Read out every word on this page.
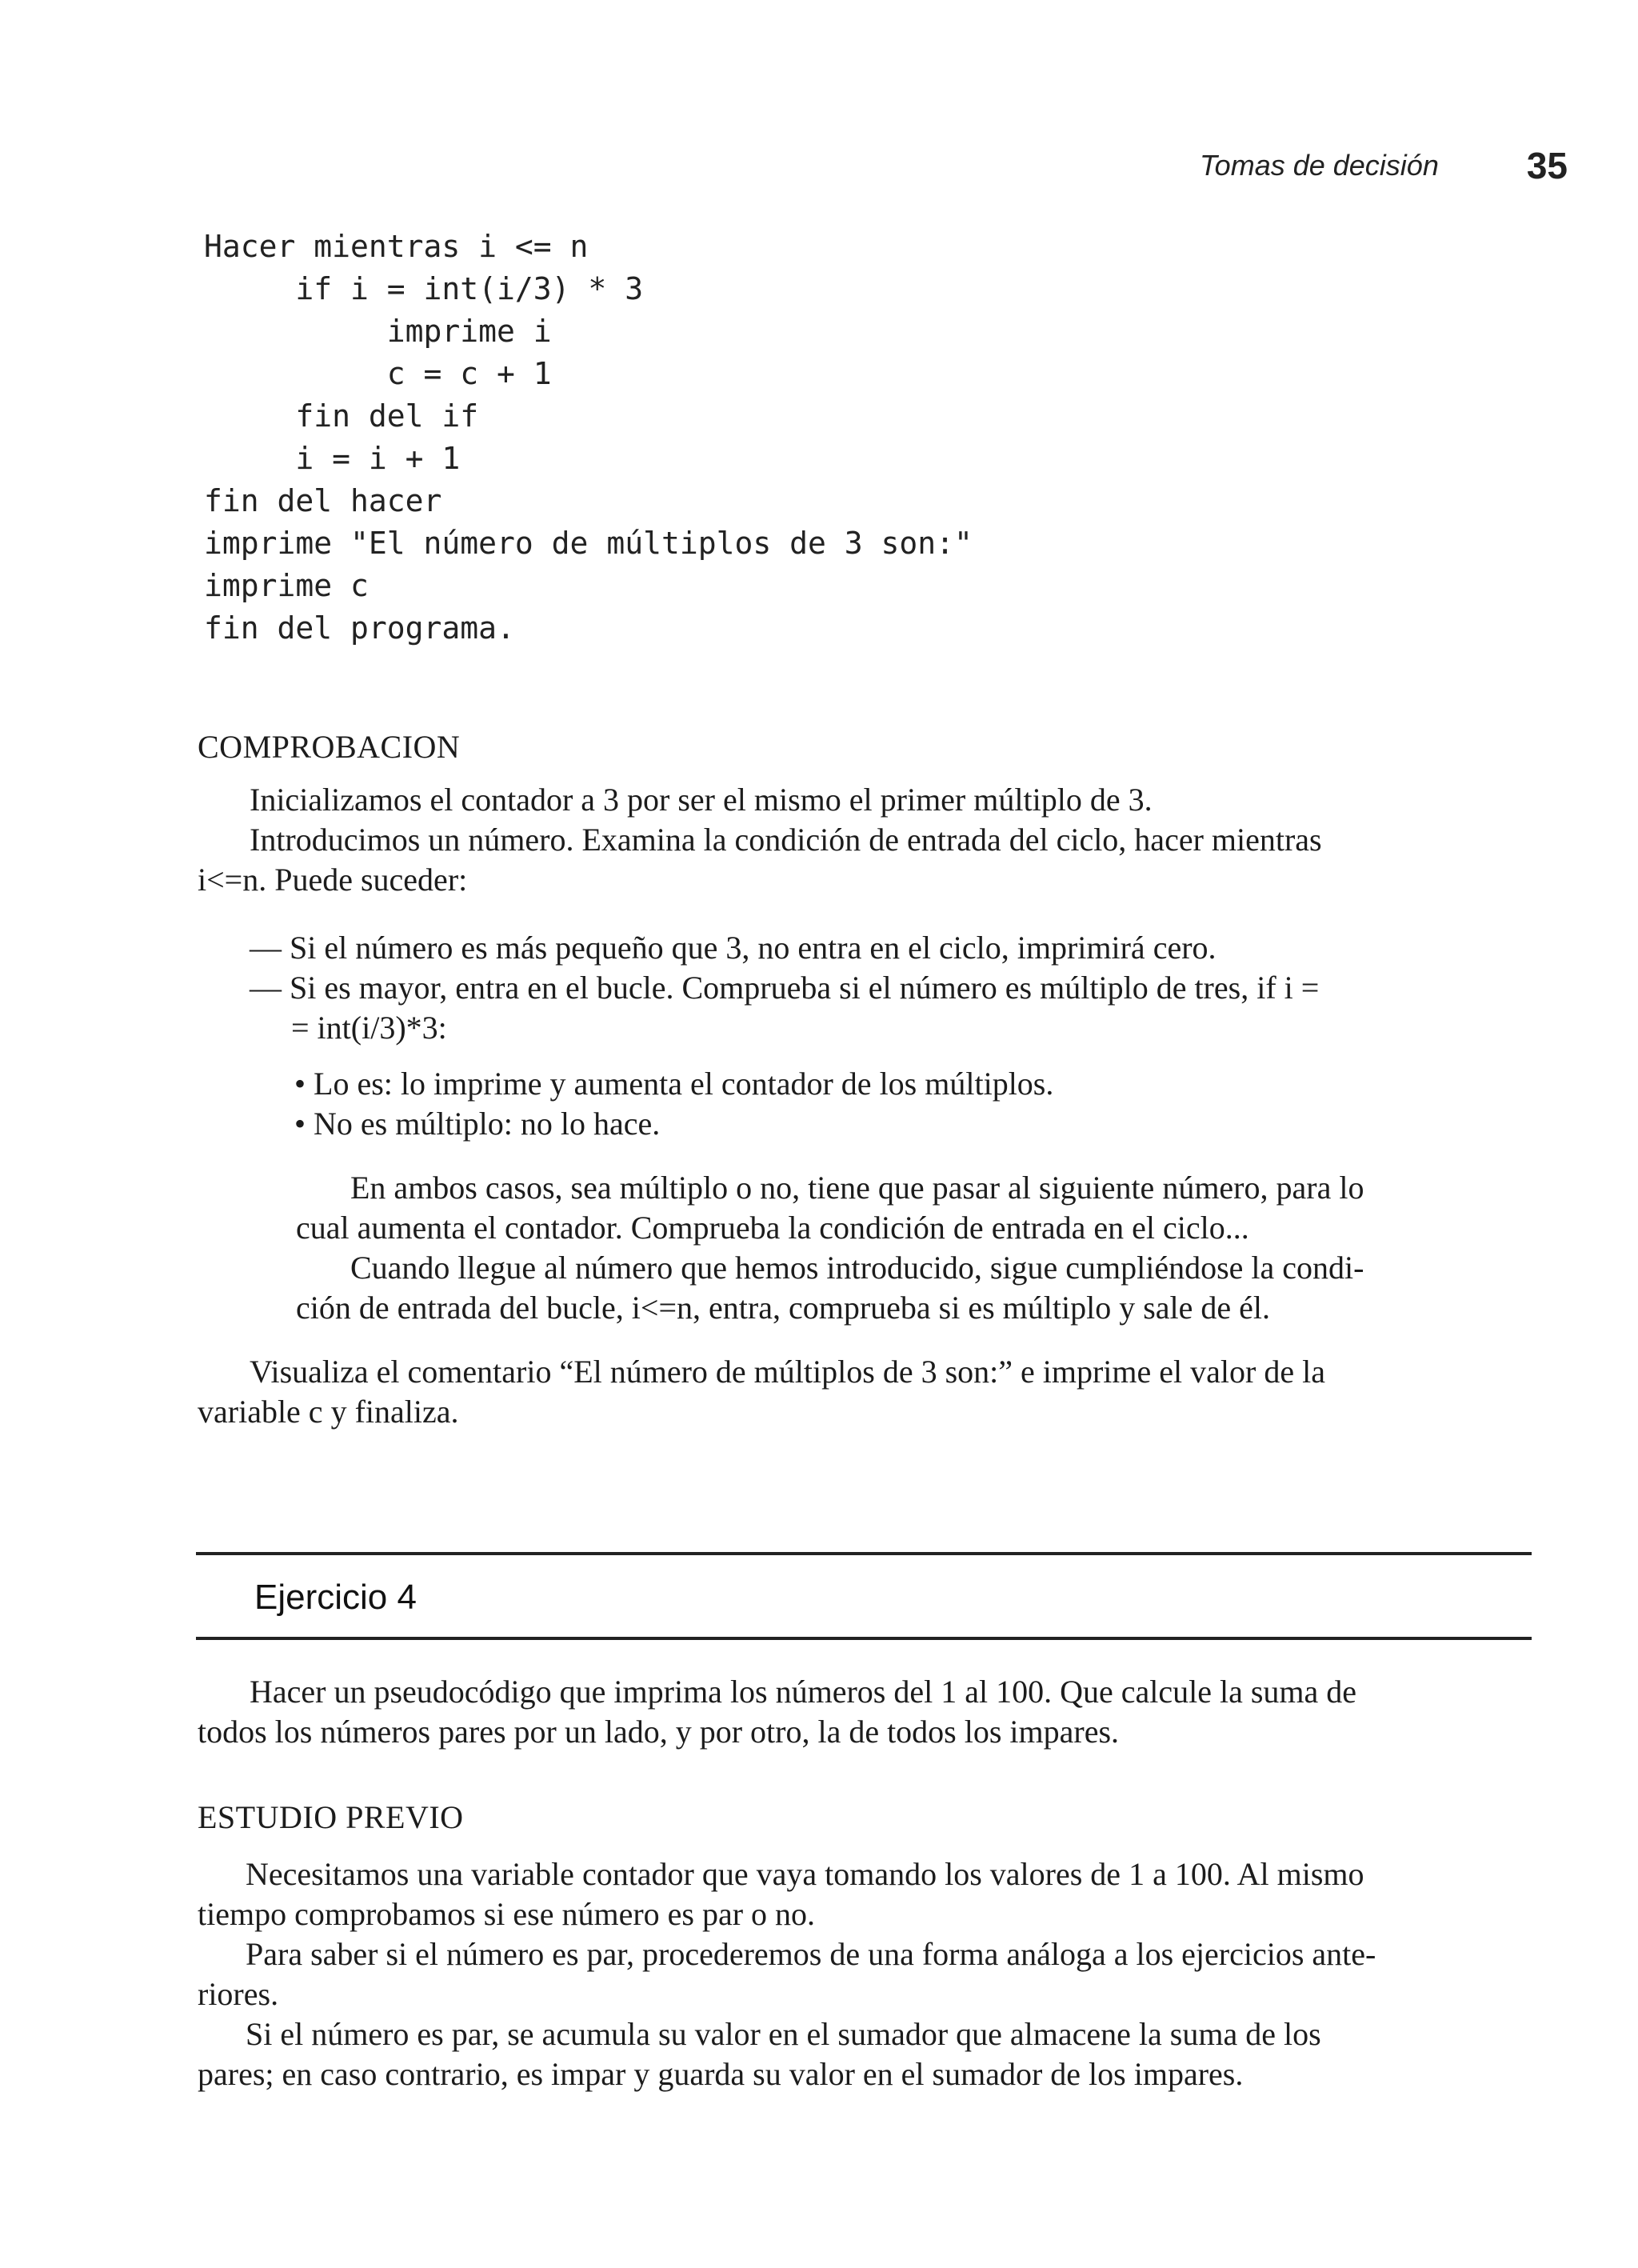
Tomas de decisión 35
Hacer mientras i <= n
if i = int(i/3) * 3
imprime i
c = c + 1
fin del if
i = i + 1
fin del hacer
imprime "El número de múltiplos de 3 son:"
imprime c
fin del programa.
COMPROBACION
Inicializamos el contador a 3 por ser el mismo el primer múltiplo de 3.
Introducimos un número. Examina la condición de entrada del ciclo, hacer mientras
i<=n. Puede suceder:
— Si el número es más pequeño que 3, no entra en el ciclo, imprimirá cero.
— Si es mayor, entra en el bucle. Comprueba si el número es múltiplo de tres, if i =
= int(i/3)*3:
• Lo es: lo imprime y aumenta el contador de los múltiplos.
• No es múltiplo: no lo hace.
En ambos casos, sea múltiplo o no, tiene que pasar al siguiente número, para lo
cual aumenta el contador. Comprueba la condición de entrada en el ciclo...
Cuando llegue al número que hemos introducido, sigue cumpliéndose la condi-
ción de entrada del bucle, i<=n, entra, comprueba si es múltiplo y sale de él.
Visualiza el comentario “El número de múltiplos de 3 son:” e imprime el valor de la
variable c y finaliza.
Ejercicio 4
Hacer un pseudocódigo que imprima los números del 1 al 100. Que calcule la suma de
todos los números pares por un lado, y por otro, la de todos los impares.
ESTUDIO PREVIO
Necesitamos una variable contador que vaya tomando los valores de 1 a 100. Al mismo
tiempo comprobamos si ese número es par o no.
Para saber si el número es par, procederemos de una forma análoga a los ejercicios ante-
riores.
Si el número es par, se acumula su valor en el sumador que almacene la suma de los
pares; en caso contrario, es impar y guarda su valor en el sumador de los impares.
